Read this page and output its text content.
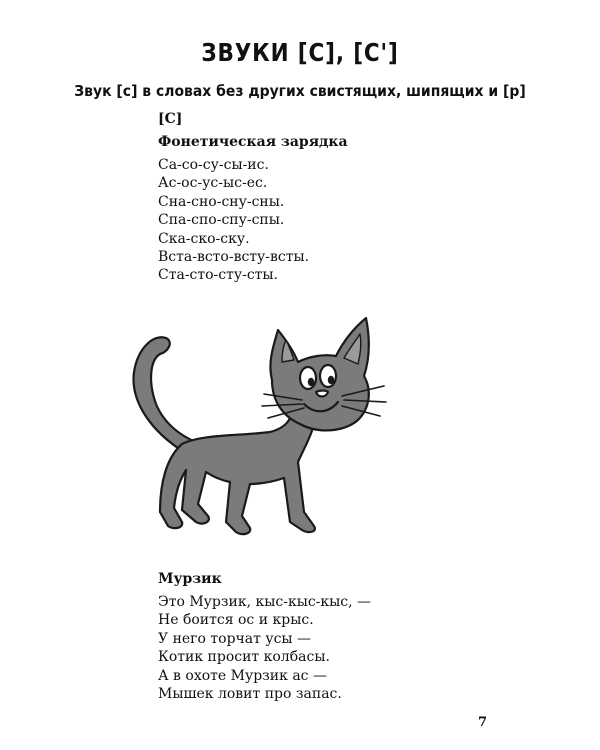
ЗВУКИ [С], [С']
Звук [с] в словах без других свистящих, шипящих и [р]
[С]
Фонетическая зарядка
Са-со-су-сы-ис.
Ас-ос-ус-ыс-ес.
Сна-сно-сну-сны.
Спа-спо-спу-спы.
Ска-ско-ску.
Вста-всто-всту-всты.
Ста-сто-сту-сты.
Мурзик
Это Мурзик, кыс-кыс-кыс, —
Не боится ос и крыс.
У него торчат усы —
Котик просит колбасы.
А в охоте Мурзик ас —
Мышек ловит про запас.
7
